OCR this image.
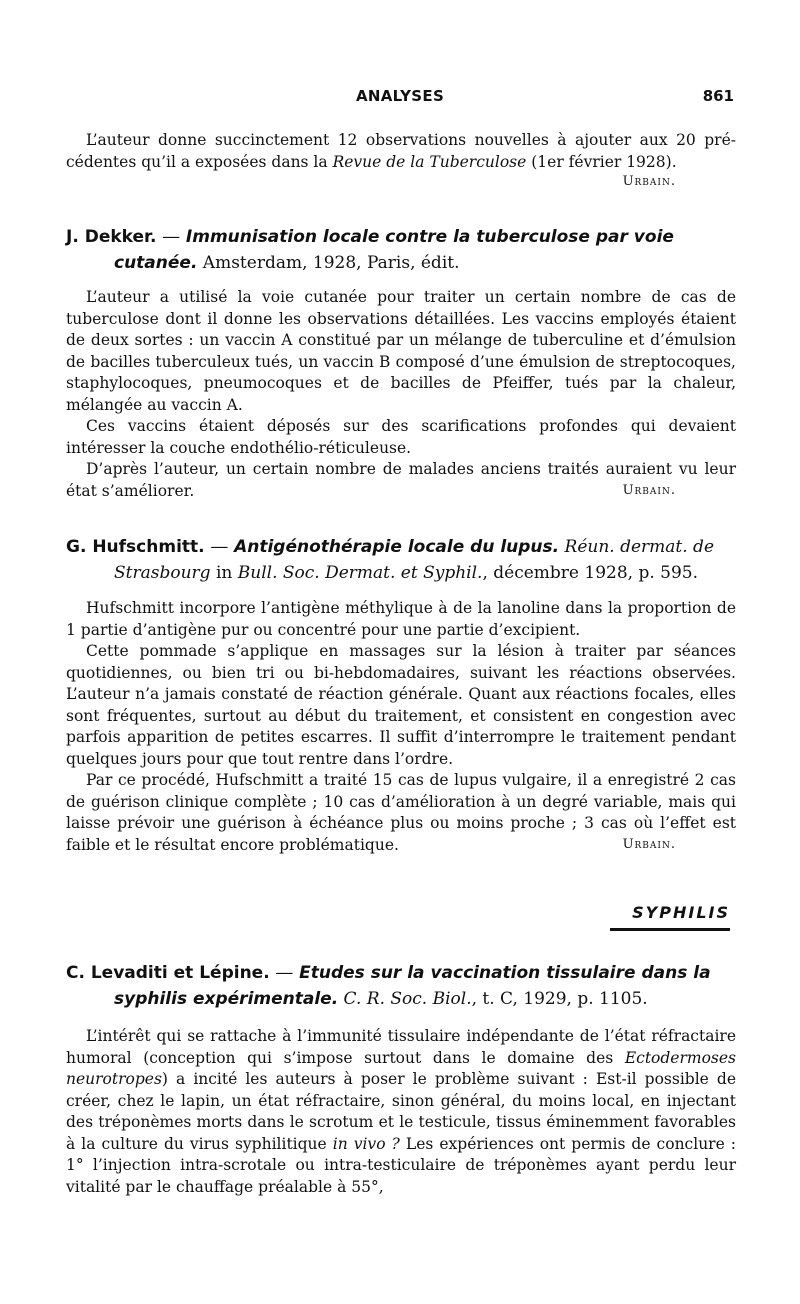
ANALYSES	861

L’auteur donne succinctement 12 observations nouvelles à ajouter aux 20 pré- cédentes qu’il a exposées dans la Revue de la Tuberculose (1er février 1928).

Urbain.
J. Dekker. — Immunisation locale contre la tuberculose par voie
cutanée. Amsterdam, 1928, Paris, édit.

L’auteur a utilisé la voie cutanée pour traiter un certain nombre de cas de tuberculose dont il donne les observations détaillées. Les vaccins employés étaient de deux sortes : un vaccin A constitué par un mélange de tuberculine et d’émulsion de bacilles tuberculeux tués, un vaccin B composé d’une émulsion de streptocoques, staphylocoques, pneumocoques et de bacilles de Pfeiffer, tués par la chaleur, mélangée au vaccin A.

Ces vaccins étaient déposés sur des scarifications profondes qui devaient intéresser la couche endothélio-réticuleuse.

D’après l’auteur, un certain nombre de malades anciens traités auraient vu leur état s’améliorer.	Urbain.
G. Hufschmitt. — Antigénothérapie locale du lupus. Réun. dermat. de
Strasbourg in Bull. Soc. Dermat. et Syphil., décembre 1928, p. 595.

Hufschmitt incorpore l’antigène méthylique à de la lanoline dans la proportion de 1 partie d’antigène pur ou concentré pour une partie d’excipient.

Cette pommade s’applique en massages sur la lésion à traiter par séances quotidiennes, ou bien tri ou bi-hebdomadaires, suivant les réactions observées. L’auteur n’a jamais constaté de réaction générale. Quant aux réactions focales, elles sont fréquentes, surtout au début du traitement, et consistent en congestion avec parfois apparition de petites escarres. Il suffit d’interrompre le traitement pendant quelques jours pour que tout rentre dans l’ordre.

Par ce procédé, Hufschmitt a traité 15 cas de lupus vulgaire, il a enregistré 2 cas de guérison clinique complète ; 10 cas d’amélioration à un degré variable, mais qui laisse prévoir une guérison à échéance plus ou moins proche ; 3 cas où l’effet est faible et le résultat encore problématique.	Urbain.
SYPHILIS
C. Levaditi et Lépine. — Etudes sur la vaccination tissulaire dans la
syphilis expérimentale. C. R. Soc. Biol., t. C, 1929, p. 1105.

L’intérêt qui se rattache à l’immunité tissulaire indépendante de l’état réfractaire humoral (conception qui s’impose surtout dans le domaine des Ectodermoses neurotropes) a incité les auteurs à poser le problème suivant : Est-il possible de créer, chez le lapin, un état réfractaire, sinon général, du moins local, en injectant des tréponèmes morts dans le scrotum et le testicule, tissus éminemment favorables à la culture du virus syphilitique in vivo ? Les expériences ont permis de conclure : 1° l’injection intra-scrotale ou intra-testiculaire de tréponèmes ayant perdu leur vitalité par le chauffage préalable à 55°,
